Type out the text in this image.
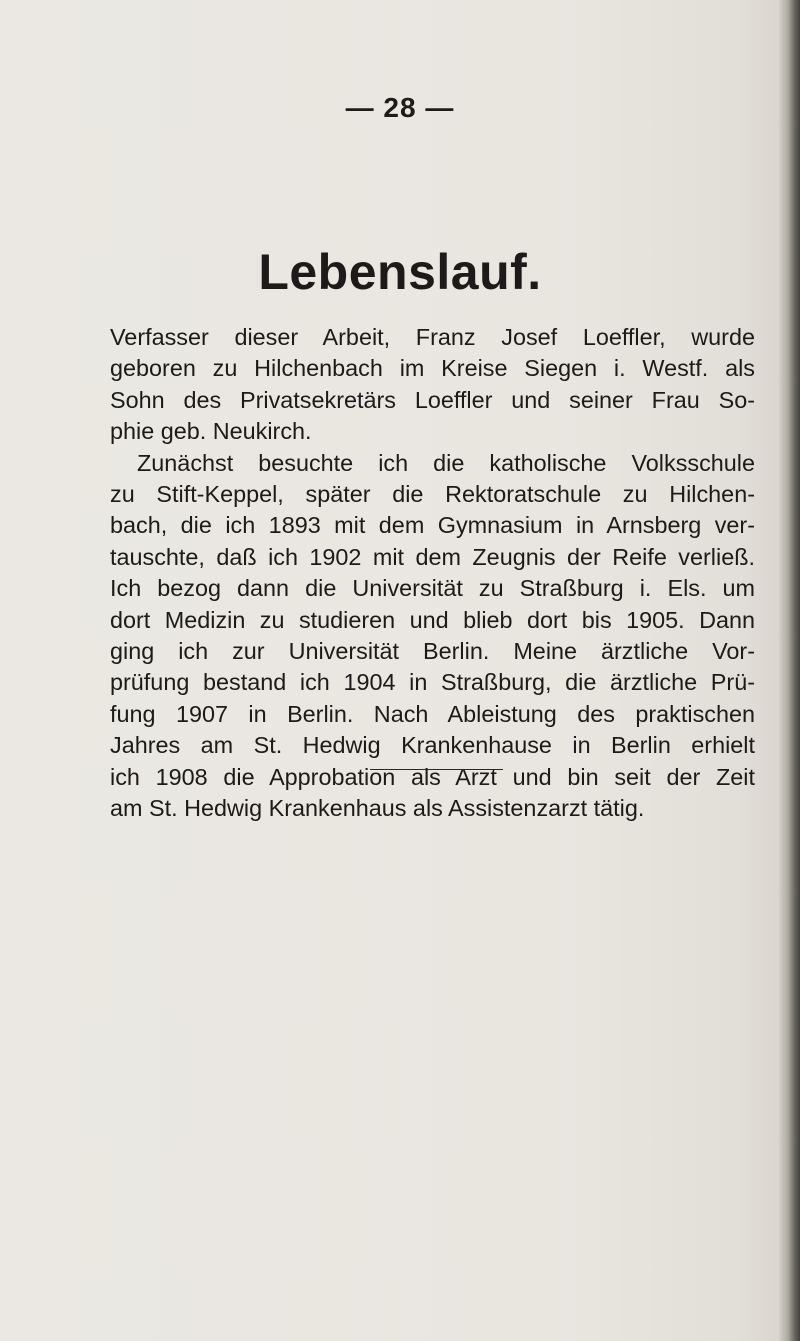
— 28 —
Lebenslauf.
Verfasser dieser Arbeit, Franz Josef Loeffler, wurde
geboren zu Hilchenbach im Kreise Siegen i. Westf. als
Sohn des Privatsekretärs Loeffler und seiner Frau So-
phie geb. Neukirch.
Zunächst besuchte ich die katholische Volksschule
zu Stift-Keppel, später die Rektoratschule zu Hilchen-
bach, die ich 1893 mit dem Gymnasium in Arnsberg ver-
tauschte, daß ich 1902 mit dem Zeugnis der Reife verließ.
Ich bezog dann die Universität zu Straßburg i. Els. um
dort Medizin zu studieren und blieb dort bis 1905. Dann
ging ich zur Universität Berlin. Meine ärztliche Vor-
prüfung bestand ich 1904 in Straßburg, die ärztliche Prü-
fung 1907 in Berlin. Nach Ableistung des praktischen
Jahres am St. Hedwig Krankenhause in Berlin erhielt
ich 1908 die Approbation als Arzt und bin seit der Zeit
am St. Hedwig Krankenhaus als Assistenzarzt tätig.
